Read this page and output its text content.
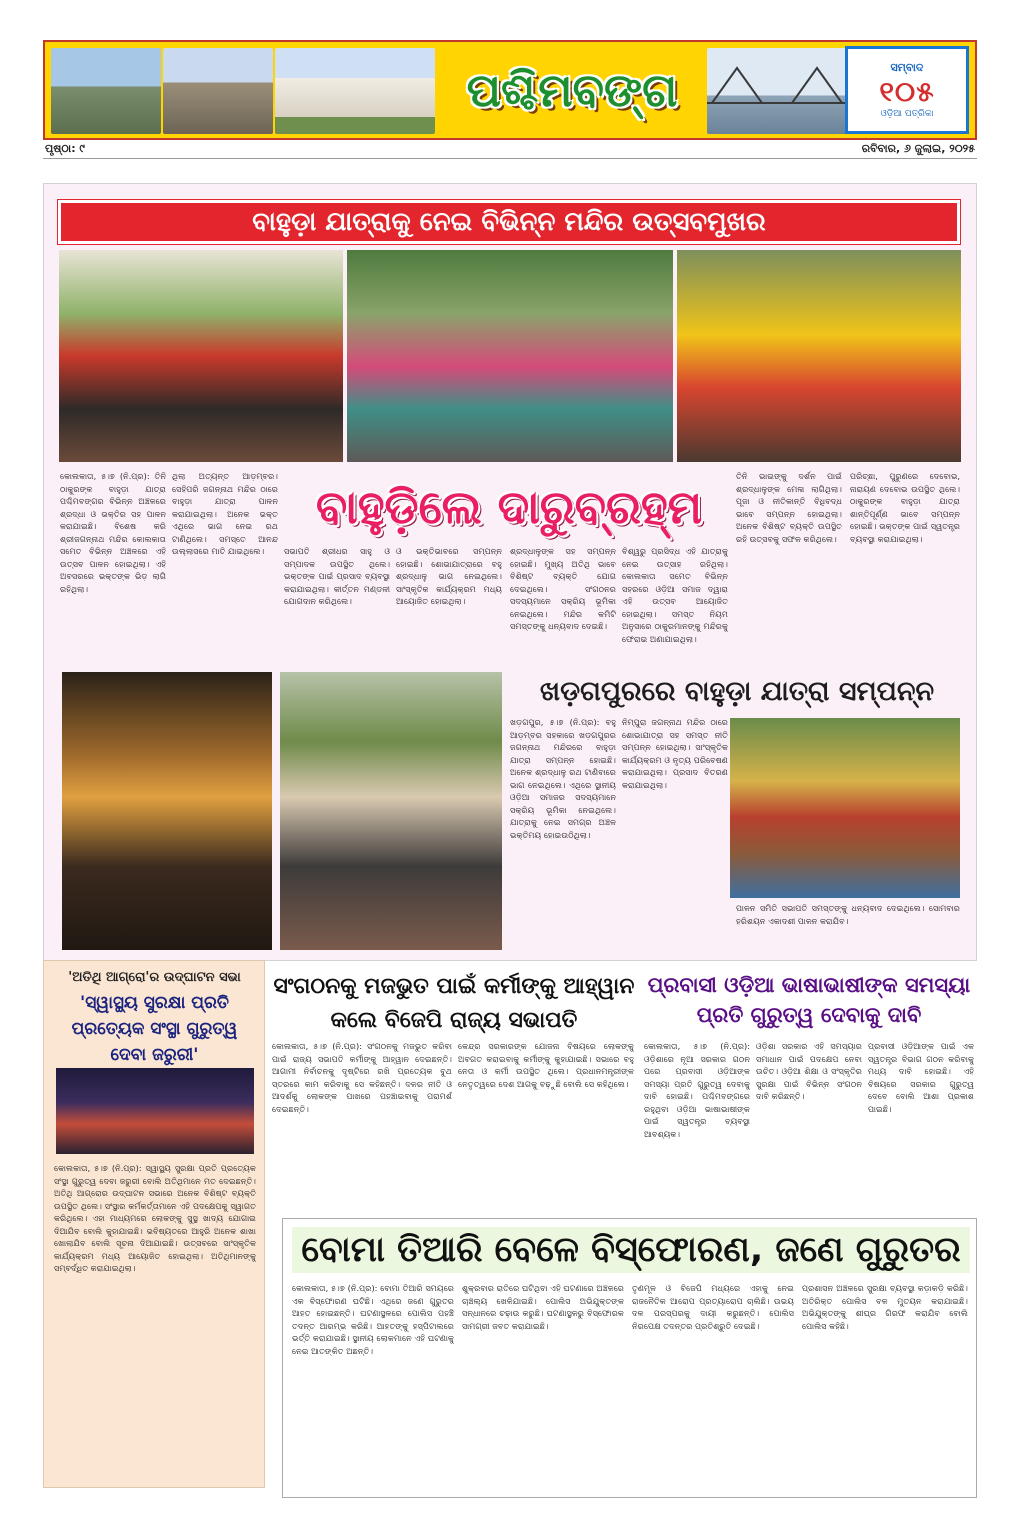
ପଶ୍ଚିମବଙ୍ଗ	ସମ୍ବାଦ
୧୦୫
ଓଡ଼ିଆ ପତ୍ରିକା
ପୃଷ୍ଠା: ୯	ରବିବାର, ୬ ଜୁଲାଇ, ୨୦୨୫
ବାହୁଡ଼ା ଯାତ୍ରାକୁ ନେଇ ବିଭିନ୍ନ ମନ୍ଦିର ଉତ୍ସବମୁଖର
କୋଲକାତା, ୫।୭ (ନି.ପ୍ର): ତିନି ଠାକୁରଙ୍କ ବାହୁଡ଼ା ଯାତ୍ରା ପଶ୍ଚିମବଙ୍ଗର ବିଭିନ୍ନ ଅଞ୍ଚଳରେ ଶ୍ରଦ୍ଧା ଓ ଭକ୍ତିର ସହ ପାଳନ କରାଯାଇଛି। ବିଶେଷ କରି ଶ୍ରୀଜଗନ୍ନାଥ ମନ୍ଦିର କୋଲକାତା ସମେତ ବିଭିନ୍ନ ଅଞ୍ଚଳରେ ଏହି ଉତ୍ସବ ପାଳନ ହୋଇଥିଲା। ଏହି ଅବସରରେ ଭକ୍ତଙ୍କ ଭିଡ଼ ଲାଗି ରହିଥିଲା।
ଥିଲା ଅତ୍ୟନ୍ତ ଆଡ଼ମ୍ବର। ସେହିପରି ଜଗନ୍ନାଥ ମନ୍ଦିର ଠାରେ ବାହୁଡ଼ା ଯାତ୍ରା ପାଳନ କରାଯାଇଥିଲା। ଅନେକ ଭକ୍ତ ଏଥିରେ ଭାଗ ନେଇ ରଥ ଟାଣିଥିଲେ। ସମସ୍ତେ ଆନନ୍ଦ ଉଲ୍ଲାସରେ ମାତି ଯାଇଥିଲେ।
ବାହୁଡ଼ିଲେ ଦାରୁବ୍ରହ୍ମ
ସଭାପତି ଶ୍ରୀଧର ସାହୁ ଓ ସମ୍ପାଦକ ଉପସ୍ଥିତ ଥିଲେ। ଭକ୍ତଙ୍କ ପାଇଁ ପ୍ରସାଦ ବ୍ୟବସ୍ଥା କରାଯାଇଥିଲା। କୀର୍ତ୍ତନ ମଣ୍ଡଳୀ ଯୋଗଦାନ କରିଥିଲେ।
ଓ ଭକ୍ତିଭାବରେ ସମ୍ପନ୍ନ ହୋଇଛି। ଶୋଭାଯାତ୍ରାରେ ବହୁ ଶ୍ରଦ୍ଧାଳୁ ଭାଗ ନେଇଥିଲେ। ସାଂସ୍କୃତିକ କାର୍ଯ୍ୟକ୍ରମ ମଧ୍ୟ ଆୟୋଜିତ ହୋଇଥିଲା।
ଶ୍ରଦ୍ଧାଳୁଙ୍କ ସହ ସମ୍ପନ୍ନ ହୋଇଛି। ମୁଖ୍ୟ ଅତିଥି ଭାବେ ବିଶିଷ୍ଟ ବ୍ୟକ୍ତି ଯୋଗ ଦେଇଥିଲେ। ସଂଗଠନର ସଦସ୍ୟମାନେ ସକ୍ରିୟ ଭୂମିକା ନେଇଥିଲେ। ମନ୍ଦିର କମିଟି ସମସ୍ତଙ୍କୁ ଧନ୍ୟବାଦ ଦେଇଛି।
ବିଶ୍ୱରୁ ପ୍ରସିଦ୍ଧ ଏହି ଯାତ୍ରାକୁ ନେଇ ଉତ୍ସାହ ରହିଥିଲା। କୋଲକାତା ସମେତ ବିଭିନ୍ନ ସହରରେ ଓଡ଼ିଆ ସମାଜ ଦ୍ୱାରା ଏହି ଉତ୍ସବ ଆୟୋଜିତ ହୋଇଥିଲା। ସମସ୍ତ ନିୟମ ଅନୁସାରେ ଠାକୁରମାନଙ୍କୁ ମନ୍ଦିରକୁ ଫେରାଇ ଅଣାଯାଇଥିଲା।
ତିନି ଭାଇଙ୍କୁ ଦର୍ଶନ ପାଇଁ ଶ୍ରଦ୍ଧାଳୁଙ୍କ ମେଳା ଲାଗିଥିଲା। ପୂଜା ଓ ନୀତିକାନ୍ତି ବିଧିବଦ୍ଧ ଭାବେ ସମ୍ପନ୍ନ ହୋଇଥିଲା। ଅନେକ ବିଶିଷ୍ଟ ବ୍ୟକ୍ତି ଉପସ୍ଥିତ ରହି ଉତ୍ସବକୁ ସଫଳ କରିଥିଲେ।
ପରିଚ୍ଛା, ପୁରୁଣରେ ଦେବୋଭ, ନାରାୟଣ ଦେବୋଭ ଉପସ୍ଥିତ ଥିଲେ। ଠାକୁରଙ୍କ ବାହୁଡ଼ା ଯାତ୍ରା ଶାନ୍ତିପୂର୍ଣ୍ଣ ଭାବେ ସମ୍ପନ୍ନ ହୋଇଛି। ଭକ୍ତଙ୍କ ପାଇଁ ସ୍ୱତନ୍ତ୍ର ବ୍ୟବସ୍ଥା କରାଯାଇଥିଲା।
ଖଡ଼ଗପୁରରେ ବାହୁଡ଼ା ଯାତ୍ରା ସମ୍ପନ୍ନ
ଖଡ଼ଗପୁର, ୫।୭ (ନି.ପ୍ର): ବହୁ ଆଡ଼ମ୍ବର ସହକାରେ ଖଡ଼ଗପୁରର ଜଗନ୍ନାଥ ମନ୍ଦିରରେ ବାହୁଡ଼ା ଯାତ୍ରା ସମ୍ପନ୍ନ ହୋଇଛି। ଅନେକ ଶ୍ରଦ୍ଧାଳୁ ରଥ ଟାଣିବାରେ ଭାଗ ନେଇଥିଲେ। ଏଥିରେ ସ୍ଥାନୀୟ ଓଡ଼ିଆ ସମାଜର ସଦସ୍ୟମାନେ ସକ୍ରିୟ ଭୂମିକା ନେଇଥିଲେ। ଯାତ୍ରାକୁ ନେଇ ସମଗ୍ର ଅଞ୍ଚଳ ଭକ୍ତିମୟ ହୋଇଉଠିଥିଲା।
ନିମ୍ପୁରା ଜଗନ୍ନାଥ ମନ୍ଦିର ଠାରେ ଶୋଭାଯାତ୍ରା ସହ ସମସ୍ତ ନୀତି ସମ୍ପନ୍ନ ହୋଇଥିଲା। ସାଂସ୍କୃତିକ କାର୍ଯ୍ୟକ୍ରମ ଓ ନୃତ୍ୟ ପରିବେଷଣ କରାଯାଇଥିଲା। ପ୍ରସାଦ ବିତରଣ କରାଯାଇଥିଲା।
ପାଳନ ସମିତି ସଭାପତି ସମସ୍ତଙ୍କୁ ଧନ୍ୟବାଦ ଦେଇଥିଲେ। ସୋମବାର ହରିଶୟନ ଏକାଦଶୀ ପାଳନ କରାଯିବ।
'ଅତିଥି ଆଗ୍ରୋ'ର ଉଦ୍‌ଘାଟନ ସଭା
'ସ୍ୱାସ୍ଥ୍ୟ ସୁରକ୍ଷା ପ୍ରତି ପ୍ରତ୍ୟେକ ସଂସ୍ଥା ଗୁରୁତ୍ୱ ଦେବା ଜରୁରୀ'
କୋଲକାତା, ୫।୭ (ନି.ପ୍ର): ସ୍ୱାସ୍ଥ୍ୟ ସୁରକ୍ଷା ପ୍ରତି ପ୍ରତ୍ୟେକ ସଂସ୍ଥା ଗୁରୁତ୍ୱ ଦେବା ଜରୁରୀ ବୋଲି ଅତିଥିମାନେ ମତ ଦେଇଛନ୍ତି। ଅତିଥି ଆଗ୍ରୋର ଉଦ୍‌ଘାଟନ ସଭାରେ ଅନେକ ବିଶିଷ୍ଟ ବ୍ୟକ୍ତି ଉପସ୍ଥିତ ଥିଲେ। ସଂସ୍ଥାର କର୍ମକର୍ତ୍ତାମାନେ ଏହି ପଦକ୍ଷେପକୁ ସ୍ୱାଗତ କରିଥିଲେ। ଏହା ମାଧ୍ୟମରେ ଲୋକଙ୍କୁ ସୁସ୍ଥ ଖାଦ୍ୟ ଯୋଗାଇ ଦିଆଯିବ ବୋଲି କୁହାଯାଇଛି। ଭବିଷ୍ୟତରେ ଆହୁରି ଅନେକ ଶାଖା ଖୋଲାଯିବ ବୋଲି ସୂଚନା ଦିଆଯାଇଛି। ଉତ୍ସବରେ ସାଂସ୍କୃତିକ କାର୍ଯ୍ୟକ୍ରମ ମଧ୍ୟ ଆୟୋଜିତ ହୋଇଥିଲା। ଅତିଥିମାନଙ୍କୁ ସମ୍ବର୍ଦ୍ଧିତ କରାଯାଇଥିଲା।
ସଂଗଠନକୁ ମଜଭୁତ ପାଇଁ କର୍ମୀଙ୍କୁ ଆହ୍ୱାନ କଲେ ବିଜେପି ରାଜ୍ୟ ସଭାପତି
କୋଲକାତା, ୫।୭ (ନି.ପ୍ର): ସଂଗଠନକୁ ମଜଭୁତ କରିବା ପାଇଁ ରାଜ୍ୟ ସଭାପତି କର୍ମୀଙ୍କୁ ଆହ୍ୱାନ ଦେଇଛନ୍ତି। ଆଗାମୀ ନିର୍ବାଚନକୁ ଦୃଷ୍ଟିରେ ରଖି ପ୍ରତ୍ୟେକ ବୁଥ ସ୍ତରରେ କାମ କରିବାକୁ ସେ କହିଛନ୍ତି। ଦଳର ନୀତି ଓ ଆଦର୍ଶକୁ ଲୋକଙ୍କ ପାଖରେ ପହଞ୍ଚାଇବାକୁ ପରାମର୍ଶ ଦେଇଛନ୍ତି।
କେନ୍ଦ୍ର ସରକାରଙ୍କ ଯୋଜନା ବିଷୟରେ ଲୋକଙ୍କୁ ଅବଗତ କରାଇବାକୁ କର୍ମୀଙ୍କୁ କୁହାଯାଇଛି। ସଭାରେ ବହୁ ନେତା ଓ କର୍ମୀ ଉପସ୍ଥିତ ଥିଲେ। ପ୍ରଧାନମନ୍ତ୍ରୀଙ୍କ ନେତୃତ୍ୱରେ ଦେଶ ଆଗକୁ ବଢ଼ୁଛି ବୋଲି ସେ କହିଥିଲେ।
ପ୍ରବାସୀ ଓଡ଼ିଆ ଭାଷାଭାଷୀଙ୍କ ସମସ୍ୟା ପ୍ରତି ଗୁରୁତ୍ୱ ଦେବାକୁ ଦାବି
କୋଲକାତା, ୫।୭ (ନି.ପ୍ର): ଓଡ଼ିଶାରେ ନୂଆ ସରକାର ଗଠନ ପରେ ପ୍ରବାସୀ ଓଡ଼ିଆଙ୍କ ସମସ୍ୟା ପ୍ରତି ଗୁରୁତ୍ୱ ଦେବାକୁ ଦାବି ହୋଇଛି। ପଶ୍ଚିମବଙ୍ଗରେ ରହୁଥିବା ଓଡ଼ିଆ ଭାଷାଭାଷୀଙ୍କ ପାଇଁ ସ୍ୱତନ୍ତ୍ର ବ୍ୟବସ୍ଥା ଆବଶ୍ୟକ।
ଓଡ଼ିଶା ସରକାର ଏହି ସମସ୍ୟାର ସମାଧାନ ପାଇଁ ପଦକ୍ଷେପ ନେବା ଉଚିତ। ଓଡ଼ିଆ ଶିକ୍ଷା ଓ ସଂସ୍କୃତିର ସୁରକ୍ଷା ପାଇଁ ବିଭିନ୍ନ ସଂଗଠନ ଦାବି କରିଛନ୍ତି।
ପ୍ରବାସୀ ଓଡ଼ିଆଙ୍କ ପାଇଁ ଏକ ସ୍ୱତନ୍ତ୍ର ବିଭାଗ ଗଠନ କରିବାକୁ ମଧ୍ୟ ଦାବି ହୋଇଛି। ଏହି ବିଷୟରେ ସରକାର ଗୁରୁତ୍ୱ ଦେବେ ବୋଲି ଆଶା ପ୍ରକାଶ ପାଇଛି।
ବୋମା ତିଆରି ବେଳେ ବିସ୍ଫୋରଣ, ଜଣେ ଗୁରୁତର
କୋଲକାତା, ୫।୭ (ନି.ପ୍ର): ବୋମା ତିଆରି ସମୟରେ ଏକ ବିସ୍ଫୋରଣ ଘଟିଛି। ଏଥିରେ ଜଣେ ଗୁରୁତର ଆହତ ହୋଇଛନ୍ତି। ଘଟଣାସ୍ଥଳରେ ପୋଲିସ ପହଞ୍ଚି ତଦନ୍ତ ଆରମ୍ଭ କରିଛି। ଆହତଙ୍କୁ ହସ୍ପିଟାଲରେ ଭର୍ତ୍ତି କରାଯାଇଛି। ସ୍ଥାନୀୟ ଲୋକମାନେ ଏହି ଘଟଣାକୁ ନେଇ ଆତଙ୍କିତ ଅଛନ୍ତି।
ଶୁକ୍ରବାର ରାତିରେ ଘଟିଥିବା ଏହି ଘଟଣାରେ ଅଞ୍ଚଳରେ ଚାଞ୍ଚଲ୍ୟ ଖେଳିଯାଇଛି। ପୋଲିସ ଅଭିଯୁକ୍ତଙ୍କ ସନ୍ଧାନରେ ଚଢ଼ାଉ କରୁଛି। ଘଟଣାସ୍ଥଳରୁ ବିସ୍ଫୋରକ ସାମଗ୍ରୀ ଜବତ କରାଯାଇଛି।
ତୃଣମୂଳ ଓ ବିଜେପି ମଧ୍ୟରେ ଏହାକୁ ନେଇ ରାଜନୈତିକ ଆରୋପ ପ୍ରତ୍ୟାରୋପ ଚାଲିଛି। ଉଭୟ ଦଳ ପରସ୍ପରକୁ ଦାୟୀ କରୁଛନ୍ତି। ପୋଲିସ ନିରପେକ୍ଷ ତଦନ୍ତର ପ୍ରତିଶ୍ରୁତି ଦେଇଛି।
ପ୍ରଶାସନ ଅଞ୍ଚଳରେ ସୁରକ୍ଷା ବ୍ୟବସ୍ଥା କଡ଼ାକଡ଼ି କରିଛି। ଅତିରିକ୍ତ ପୋଲିସ ବଳ ମୁତୟନ କରାଯାଇଛି। ଅଭିଯୁକ୍ତଙ୍କୁ ଶୀଘ୍ର ଗିରଫ କରାଯିବ ବୋଲି ପୋଲିସ କହିଛି।
